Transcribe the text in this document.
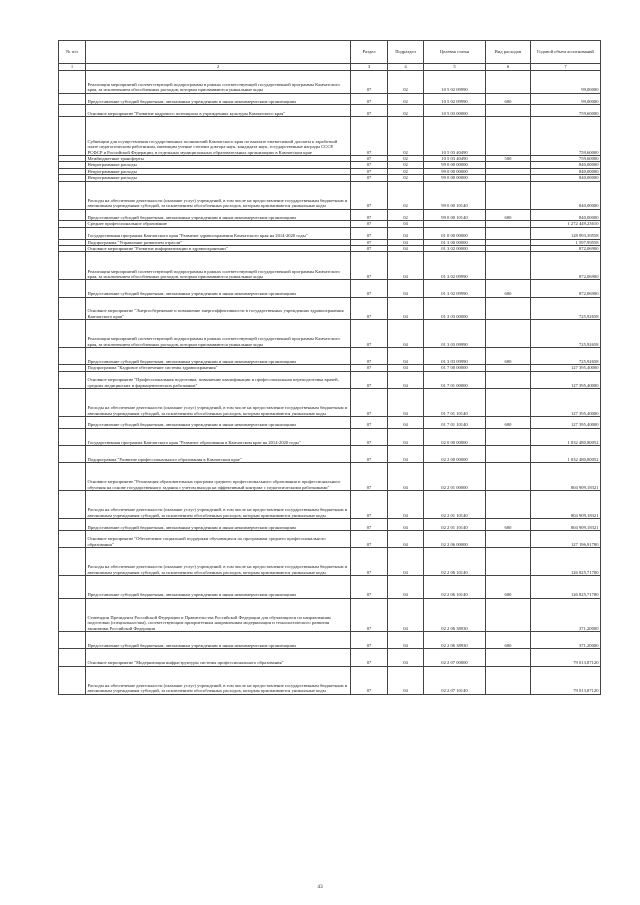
№ п/п		Раздел	Подраздел	Целевая статья	Вид расходов	Годовой объем ассигнований
1	2	3	4	5	6	7
	Реализация мероприятий соответствующей подпрограммы в рамках соответствующей государственной программы Камчатского края, за исключением обособленных расходов, которым присваиваются уникальные коды	07	02	10 5 02 09990		99,00000
	Предоставление субсидий бюджетным, автономным учреждениям и иным некоммерческим организациям	07	02	10 5 02 09990	600	99,00000
	Основное мероприятие "Развитие кадрового потенциала в учреждениях культуры Камчатского края"	07	02	10 5 03 00000		759,60000
	Субвенции для осуществления государственных полномочий Камчатского края по выплате ежемесячной доплаты к заработной плате педагогическим работникам, имеющим ученые степени доктора наук, кандидата наук, государственные награды СССР, РСФСР и Российской Федерации, в отдельных муниципальных образовательных организациях в Камчатском крае	07	02	10 5 03 40490		759,60000
	Межбюджетные трансферты	07	02	10 5 03 40490	500	759,60000
	Непрограммные расходы	07	02	99 0 00 00000		840,00000
	Непрограммные расходы	07	02	99 0 00 00000		840,00000
	Непрограммные расходы	07	02	99 0 00 00000		840,00000
	Расходы на обеспечение деятельности (оказание услуг) учреждений, в том числе на предоставление государственным бюджетным и автономным учреждениям субсидий, за исключением обособленных расходов, которым присваиваются уникальные коды	07	02	99 0 00 10140		840,00000
	Предоставление субсидий бюджетным, автономным учреждениям и иным некоммерческим организациям	07	02	99 0 00 10140	600	840,00000
	Среднее профессиональное образование	07	04			1 272 449,23610
	Государственная программа Камчатского края "Развитие здравоохранения Камчатского края на 2014-2020 годы"	07	04	01 0 00 00000		128 993,39558
	Подпрограмма "Управление развитием отрасли"	07	04	01 3 00 00000		1 597,99558
	Основное мероприятие "Развитие информатизации в здравоохранении"	07	04	01 3 02 00000		872,06900
	Реализация мероприятий соответствующей подпрограммы в рамках соответствующей государственной программы Камчатского края, за исключением обособленных расходов, которым присваиваются уникальные коды	07	04	01 3 02 09990		872,06900
	Предоставление субсидий бюджетным, автономным учреждениям и иным некоммерческим организациям	07	04	01 3 02 09990	600	872,06900
	Основное мероприятие "Энергосбережение и повышение энергоэффективности в государственных учреждениях здравоохранения Камчатского края"	07	04	01 3 03 00000		725,92658
	Реализация мероприятий соответствующей подпрограммы в рамках соответствующей государственной программы Камчатского края, за исключением обособленных расходов, которым присваиваются уникальные коды	07	04	01 3 03 09990		725,92658
	Предоставление субсидий бюджетным, автономным учреждениям и иным некоммерческим организациям	07	04	01 3 03 09990	600	725,92658
	Подпрограмма "Кадровое обеспечение системы здравоохранения"	07	04	01 7 00 00000		127 395,40000
	Основное мероприятие "Профессиональная подготовка, повышение квалификации и профессиональная переподготовка врачей, средних медицинских и фармацевтических работников"	07	04	01 7 01 00000		127 395,40000
	Расходы на обеспечение деятельности (оказание услуг) учреждений, в том числе на предоставление государственным бюджетным и автономным учреждениям субсидий, за исключением обособленных расходов, которым присваиваются уникальные коды	07	04	01 7 01 10140		127 395,40000
	Предоставление субсидий бюджетным, автономным учреждениям и иным некоммерческим организациям	07	04	01 7 01 10140	600	127 395,40000
	Государственная программа Камчатского края "Развитие образования в Камчатском крае на 2014-2020 годы"	07	04	02 0 00 00000		1 032 480,80052
	Подпрограмма "Развитие профессионального образования в Камчатском крае"	07	04	02 2 00 00000		1 032 480,80052
	Основное мероприятие "Реализация образовательных программ среднего профессионального образования и профессионального обучения на основе государственного задания с учетом выхода на эффективный контракт с педагогическими работниками"	07	04	02 2 01 00000		804 909,18321
	Расходы на обеспечение деятельности (оказание услуг) учреждений, в том числе на предоставление государственным бюджетным и автономным учреждениям субсидий, за исключением обособленных расходов, которым присваиваются уникальные коды	07	04	02 2 01 10140		804 909,18321
	Предоставление субсидий бюджетным, автономным учреждениям и иным некоммерческим организациям	07	04	02 2 01 10140	600	804 909,18321
	Основное мероприятие "Обеспечение социальной поддержки обучающихся по программам среднего профессионального образования"	07	04	02 2 06 00000		127 196,91780
	Расходы на обеспечение деятельности (оказание услуг) учреждений, в том числе на предоставление государственным бюджетным и автономным учреждениям субсидий, за исключением обособленных расходов, которым присваиваются уникальные коды	07	04	02 2 06 10140		126 825,71780
	Предоставление субсидий бюджетным, автономным учреждениям и иным некоммерческим организациям	07	04	02 2 06 10140	600	126 825,71780
	Стипендии Президента Российской Федерации и Правительства Российской Федерации для обучающихся по направлениям подготовки (специальностям), соответствующим приоритетным направлениям модернизации и технологического развития экономики Российской Федерации	07	04	02 2 06 38930		371,20000
	Предоставление субсидий бюджетным, автономным учреждениям и иным некоммерческим организациям	07	04	02 2 06 38930	600	371,20000
	Основное мероприятие "Модернизация инфраструктуры системы профессионального образования"	07	04	02 2 07 00000		79 013,87120
	Расходы на обеспечение деятельности (оказание услуг) учреждений, в том числе на предоставление государственным бюджетным и автономным учреждениям субсидий, за исключением обособленных расходов, которым присваиваются уникальные коды	07	04	02 2 07 10140		79 013,87120
43
